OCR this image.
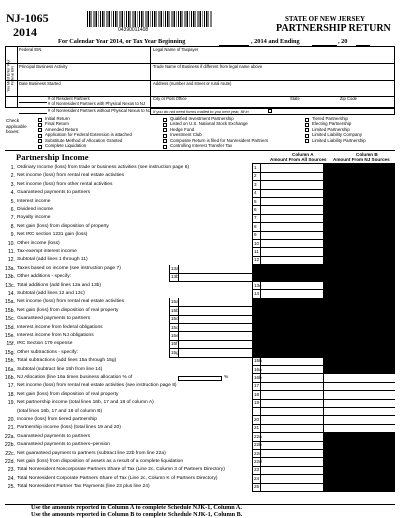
NJ-1065
2014	04390011408
STATE OF NEW JERSEY
PARTNERSHIP RETURN
For Calendar Year 2014, or Tax Year Beginning	, 2014 and Ending	, 20
You Must Enter Your Federal EIN
Federal EIN	Legal Name of Taxpayer
Principal Business Activity	Trade Name of Business if different from legal name above
Date Business Started	Address (number and street or rural route)
# of Resident Partners	City or Post Office	State	Zip Code
# of Nonresident Partners with Physical Nexus to NJ
# of Nonresident Partners without Physical Nexus to NJ If you do not need forms mailed to you next year, fill in
Check applicable boxes:
Initial Return
Final Return
Amended Return
Application for Federal Extension is attached
Substitute Method of Allocation Granted
Complete Liquidation
Qualified Investment Partnership
Listed on U.S. National Stock Exchange
Hedge Fund
Investment Club
Composite Return is filed for Nonresident Partners
Controlling Interest Transfer Tax
Tiered Partnership
Electing Partnership
Limited Partnership
Limited Liability Company
Limited Liability Partnership
Partnership Income	Column A
Amount From All Sources
Column B
Amount From NJ Sources
1. Ordinary Income (loss) from trade or business activities (see instruction page 6)	1
2. Net income (loss) from rental real estate activities	2
3. Net income (loss) from other rental activities	3
4. Guaranteed payments to partners	4
5. Interest income	5
6. Dividend income	6
7. Royalty income	7
8. Net gain (loss) from disposition of property	8
9. Net IRC section 1231 gain (loss)	9
10. Other income (loss)	10
11. Tax-exempt interest income	11
12. Subtotal (add lines 1 through 11)	12
13a. Taxes based on income (see instruction page 7)	13a
13b. Other additions - specify:	13b
13c. Total additions (add lines 13a and 13b)	13c
14. Subtotal (add lines 12 and 13c)	14
15a. Net income (loss) from rental real estate activities	15a
15b. Net gain (loss) from disposition of real property	15b
15c. Guaranteed payments to partners	15c
15d. Interest income from federal obligations	15d
15e. Interest income from NJ obligations	15e
15f. IRC Section 179 expense	15f
15g. Other subtractions - specify:	15g
15h. Total subtractions (add lines 15a through 15g)	15h
16a. Subtotal (subtract line 15h from line 14)	16a
16b. NJ Allocation (line 16a times business allocation % of	%	16b
17. Net income (loss) from rental real estate activities (see instruction page 8)	17
18. Net gain (loss) from disposition of real property	18
19. Net partnership income (total lines 16b, 17 and 18 of column A)	19
(total lines 16b, 17 and 18 of column B)
20. Income (loss) from tiered partnership	20
21. Partnership income (loss) (total lines 19 and 20)	21
22a. Guaranteed payments to partners	22a
22b. Guaranteed payments to partners–pension	22b
22c. Net guaranteed payment to partners (subtract line 22b from line 22a)	22c
22d. Net gain (loss) from disposition of assets as a result of a complete liquidation	22d
23. Total Nonresident Noncorporate Partners Share of Tax (Line 2c, Column 3 of Partners Directory)	23
24. Total Nonresident Corporate Partners Share of Tax (Line 2c, Column K of Partners Directory)	24
25. Total Nonresident Partner Tax Payments (line 23 plus line 24)	25
Use the amounts reported in Column A to complete Schedule NJK-1, Column A.
Use the amounts reported in Column B to complete Schedule NJK-1, Column B.
